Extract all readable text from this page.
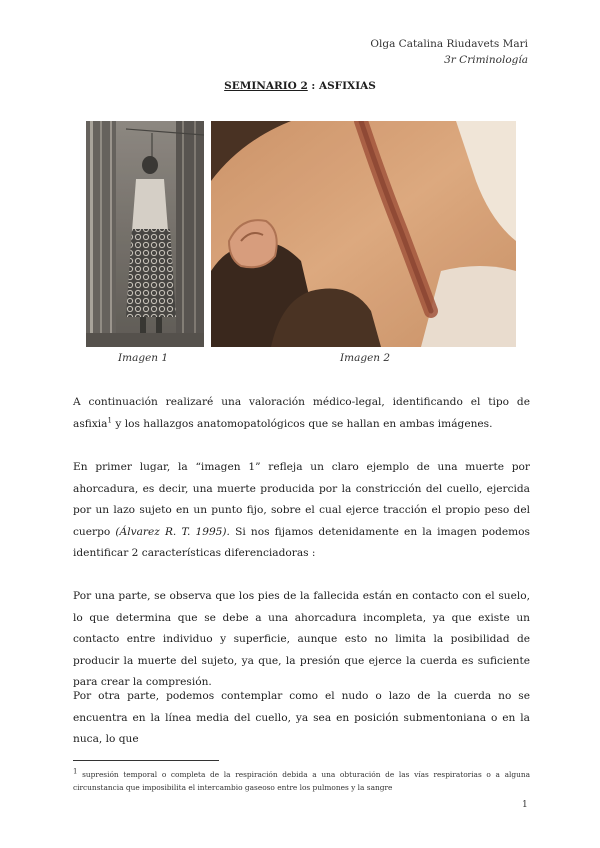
Olga Catalina Riudavets Mari
3r Criminología
SEMINARIO 2 : ASFIXIAS
Imagen 1	Imagen 2
A continuación realizaré una valoración médico-legal, identificando el tipo de asfixia$^1$ y los hallazgos anatomopatológicos que se hallan en ambas imágenes.
En primer lugar, la “imagen 1” refleja un claro ejemplo de una muerte por ahorcadura, es decir, una muerte producida por la constricción del cuello, ejercida por un lazo sujeto en un punto fijo, sobre el cual ejerce tracción el propio peso del cuerpo (Álvarez R. T. 1995). Si nos fijamos detenidamente en la imagen podemos identificar 2 características diferenciadoras :
Por una parte, se observa que los pies de la fallecida están en contacto con el suelo, lo que determina que se debe a una ahorcadura incompleta, ya que existe un contacto entre individuo y superficie, aunque esto no limita la posibilidad de producir la muerte del sujeto, ya que, la presión que ejerce la cuerda es suficiente para crear la compresión.
Por otra parte, podemos contemplar como el nudo o lazo de la cuerda no se encuentra en la línea media del cuello, ya sea en posición submentoniana o en la nuca, lo que
$^1$ supresión temporal o completa de la respiración debida a una obturación de las vías respiratorias o a alguna circunstancia que imposibilita el intercambio gaseoso entre los pulmones y la sangre
1
